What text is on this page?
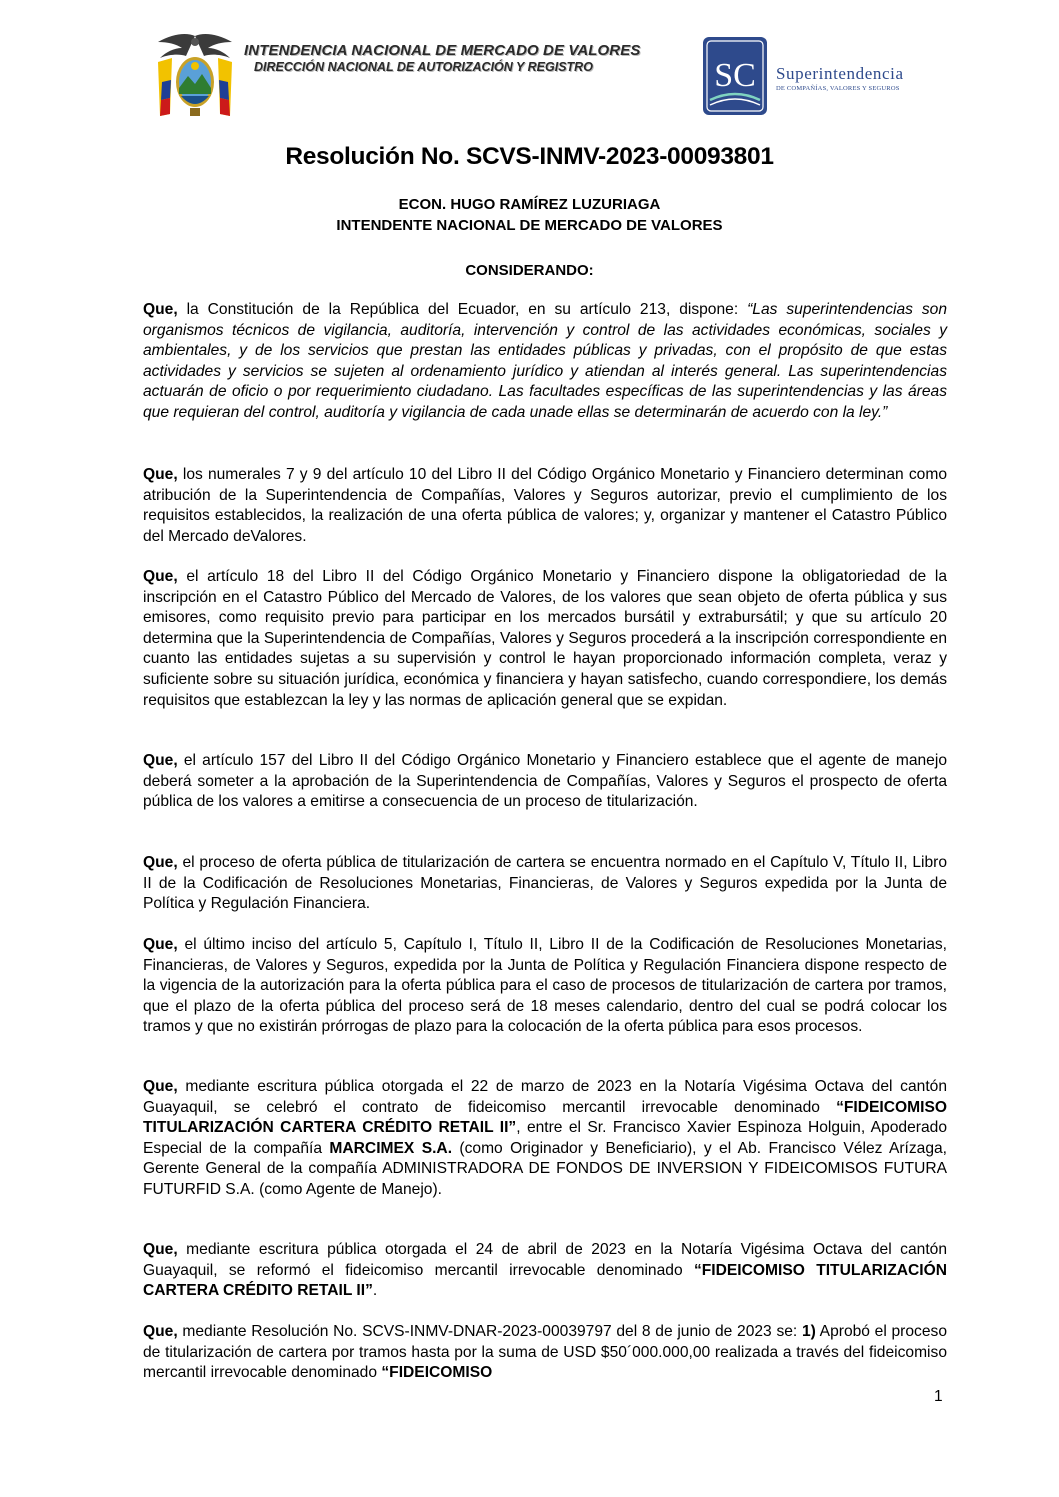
INTENDENCIA NACIONAL DE MERCADO DE VALORES
DIRECCIÓN NACIONAL DE AUTORIZACIÓN Y REGISTRO	SC Superintendencia
DE COMPAÑÍAS, VALORES Y SEGUROS
Resolución No. SCVS-INMV-2023-00093801
ECON. HUGO RAMÍREZ LUZURIAGA
INTENDENTE NACIONAL DE MERCADO DE VALORES
CONSIDERANDO:

Que, la Constitución de la República del Ecuador, en su artículo 213, dispone: “Las superintendencias son organismos técnicos de vigilancia, auditoría, intervención y control de las actividades económicas, sociales y ambientales, y de los servicios que prestan las entidades públicas y privadas, con el propósito de que estas actividades y servicios se sujeten al ordenamiento jurídico y atiendan al interés general. Las superintendencias actuarán de oficio o por requerimiento ciudadano. Las facultades específicas de las superintendencias y las áreas que requieran del control, auditoría y vigilancia de cada unade ellas se determinarán de acuerdo con la ley.”

Que, los numerales 7 y 9 del artículo 10 del Libro II del Código Orgánico Monetario y Financiero determinan como atribución de la Superintendencia de Compañías, Valores y Seguros autorizar, previo el cumplimiento de los requisitos establecidos, la realización de una oferta pública de valores; y, organizar y mantener el Catastro Público del Mercado deValores.

Que, el artículo 18 del Libro II del Código Orgánico Monetario y Financiero dispone la obligatoriedad de la inscripción en el Catastro Público del Mercado de Valores, de los valores que sean objeto de oferta pública y sus emisores, como requisito previo para participar en los mercados bursátil y extrabursátil; y que su artículo 20 determina que la Superintendencia de Compañías, Valores y Seguros procederá a la inscripción correspondiente en cuanto las entidades sujetas a su supervisión y control le hayan proporcionado información completa, veraz y suficiente sobre su situación jurídica, económica y financiera y hayan satisfecho, cuando correspondiere, los demás requisitos que establezcan la ley y las normas de aplicación general que se expidan.

Que, el artículo 157 del Libro II del Código Orgánico Monetario y Financiero establece que el agente de manejo deberá someter a la aprobación de la Superintendencia de Compañías, Valores y Seguros el prospecto de oferta pública de los valores a emitirse a consecuencia de un proceso de titularización.

Que, el proceso de oferta pública de titularización de cartera se encuentra normado en el Capítulo V, Título II, Libro II de la Codificación de Resoluciones Monetarias, Financieras, de Valores y Seguros expedida por la Junta de Política y Regulación Financiera.

Que, el último inciso del artículo 5, Capítulo I, Título II, Libro II de la Codificación de Resoluciones Monetarias, Financieras, de Valores y Seguros, expedida por la Junta de Política y Regulación Financiera dispone respecto de la vigencia de la autorización para la oferta pública para el caso de procesos de titularización de cartera por tramos, que el plazo de la oferta pública del proceso será de 18 meses calendario, dentro del cual se podrá colocar los tramos y que no existirán prórrogas de plazo para la colocación de la oferta pública para esos procesos.

Que, mediante escritura pública otorgada el 22 de marzo de 2023 en la Notaría Vigésima Octava del cantón Guayaquil, se celebró el contrato de fideicomiso mercantil irrevocable denominado “FIDEICOMISO TITULARIZACIÓN CARTERA CRÉDITO RETAIL II”, entre el Sr. Francisco Xavier Espinoza Holguin, Apoderado Especial de la compañía MARCIMEX S.A. (como Originador y Beneficiario), y el Ab. Francisco Vélez Arízaga, Gerente General de la compañía ADMINISTRADORA DE FONDOS DE INVERSION Y FIDEICOMISOS FUTURA FUTURFID S.A. (como Agente de Manejo).

Que, mediante escritura pública otorgada el 24 de abril de 2023 en la Notaría Vigésima Octava del cantón Guayaquil, se reformó el fideicomiso mercantil irrevocable denominado “FIDEICOMISO TITULARIZACIÓN CARTERA CRÉDITO RETAIL II”.

Que, mediante Resolución No. SCVS-INMV-DNAR-2023-00039797 del 8 de junio de 2023 se: 1) Aprobó el proceso de titularización de cartera por tramos hasta por la suma de USD $50´000.000,00 realizada a través del fideicomiso mercantil irrevocable denominado “FIDEICOMISO

1
